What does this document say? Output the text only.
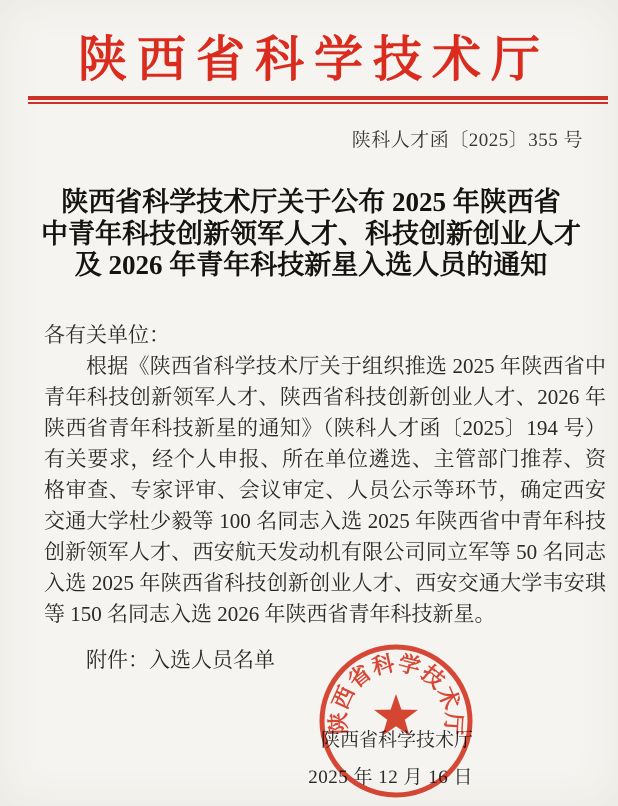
陕西省科学技术厅
陕科人才函〔2025〕355 号
陕西省科学技术厅关于公布 2025 年陕西省
中青年科技创新领军人才、科技创新创业人才
及 2026 年青年科技新星入选人员的通知
各有关单位：

根据《陕西省科学技术厅关于组织推选 2025 年陕西省中青年科技创新领军人才、陕西省科技创新创业人才、2026 年陕西省青年科技新星的通知》（陕科人才函〔2025〕194 号）有关要求，经个人申报、所在单位遴选、主管部门推荐、资格审查、专家评审、会议审定、人员公示等环节，确定西安交通大学杜少毅等 100 名同志入选 2025 年陕西省中青年科技创新领军人才、西安航天发动机有限公司同立军等 50 名同志入选 2025 年陕西省科技创新创业人才、西安交通大学韦安琪等 150 名同志入选 2026 年陕西省青年科技新星。

附件：入选人员名单
陕西省科学技术厅
2025 年 12 月 16 日
陕西省科学技术厅
